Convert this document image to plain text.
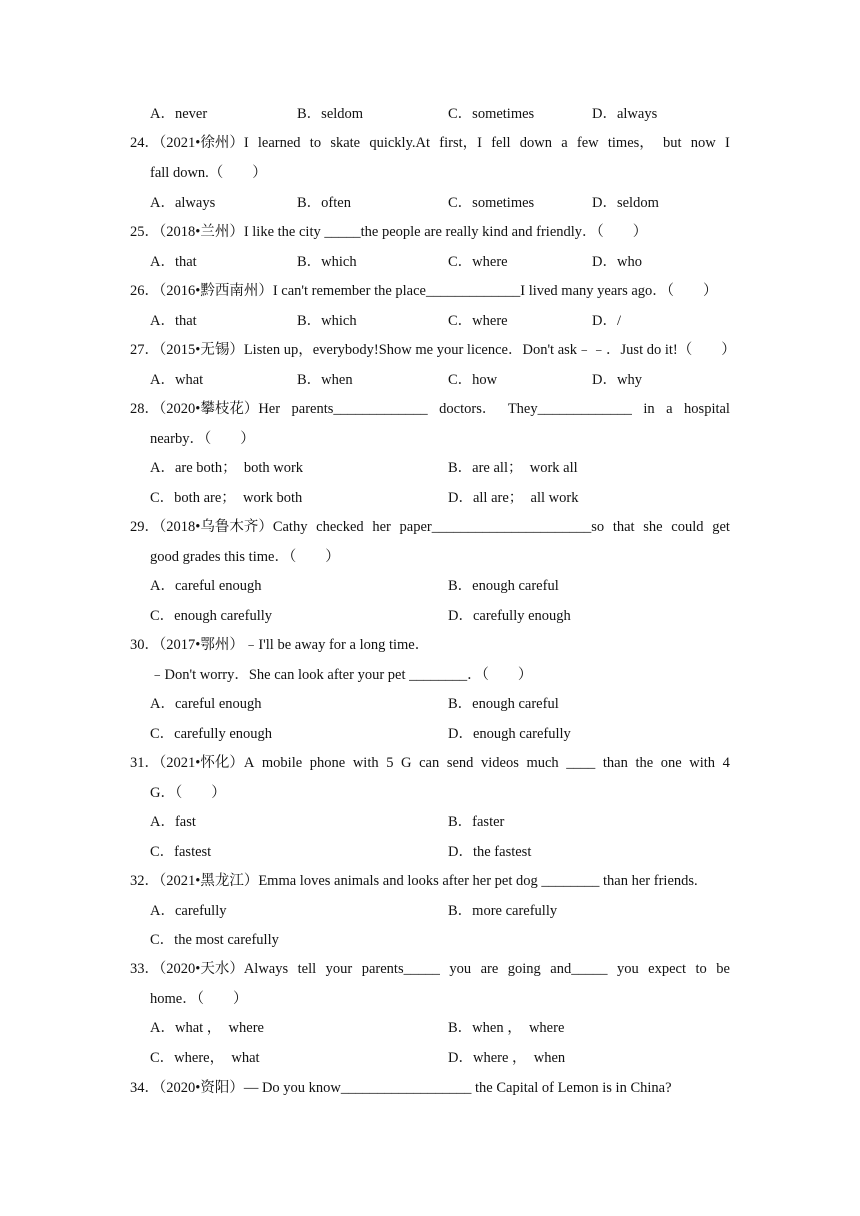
A．never	B．seldom	C．sometimes	D．always
24．（2021•徐州）I learned to skate quickly.At first，I fell down a few times， but now I
fall down.（　　）
A．always	B．often	C．sometimes	D．seldom
25．（2018•兰州）I like the city _____the people are really kind and friendly．（　　）
A．that	B．which	C．where	D．who
26．（2016•黔西南州）I can't remember the place_____________I lived many years ago．（　　）
A．that	B．which	C．where	D．/
27．（2015•无锡）Listen up，everybody!Show me your licence．Don't ask﹣﹣．Just do it!（　　）
A．what	B．when	C．how	D．why
28．（2020•攀枝花）Her parents_____________ doctors． They_____________ in a hospital
nearby．（　　）
A．are both；　both work	B．are all；　work all
C．both are；　work both	D．all are；　all work
29．（2018•乌鲁木齐）Cathy checked her paper______________________so that she could get
good grades this time．（　　）
A．careful enough	B．enough careful
C．enough carefully	D．carefully enough
30．（2017•鄂州）﹣I'll be away for a long time．
﹣Don't worry．She can look after your pet ________．（　　）
A．careful enough	B．enough careful
C．carefully enough	D．enough carefully
31．（2021•怀化）A mobile phone with 5 G can send videos much ____ than the one with 4
G．（　　）
A．fast	B．faster
C．fastest	D．the fastest
32．（2021•黑龙江）Emma loves animals and looks after her pet dog ________ than her friends.
A．carefully	B．more carefully
C．the most carefully
33．（2020•天水）Always tell your parents_____ you are going and_____ you expect to be
home．（　　）
A．what ，　where	B．when ，　where
C．where，　what	D．where ，　when
34．（2020•资阳）— Do you know__________________ the Capital of Lemon is in China?
